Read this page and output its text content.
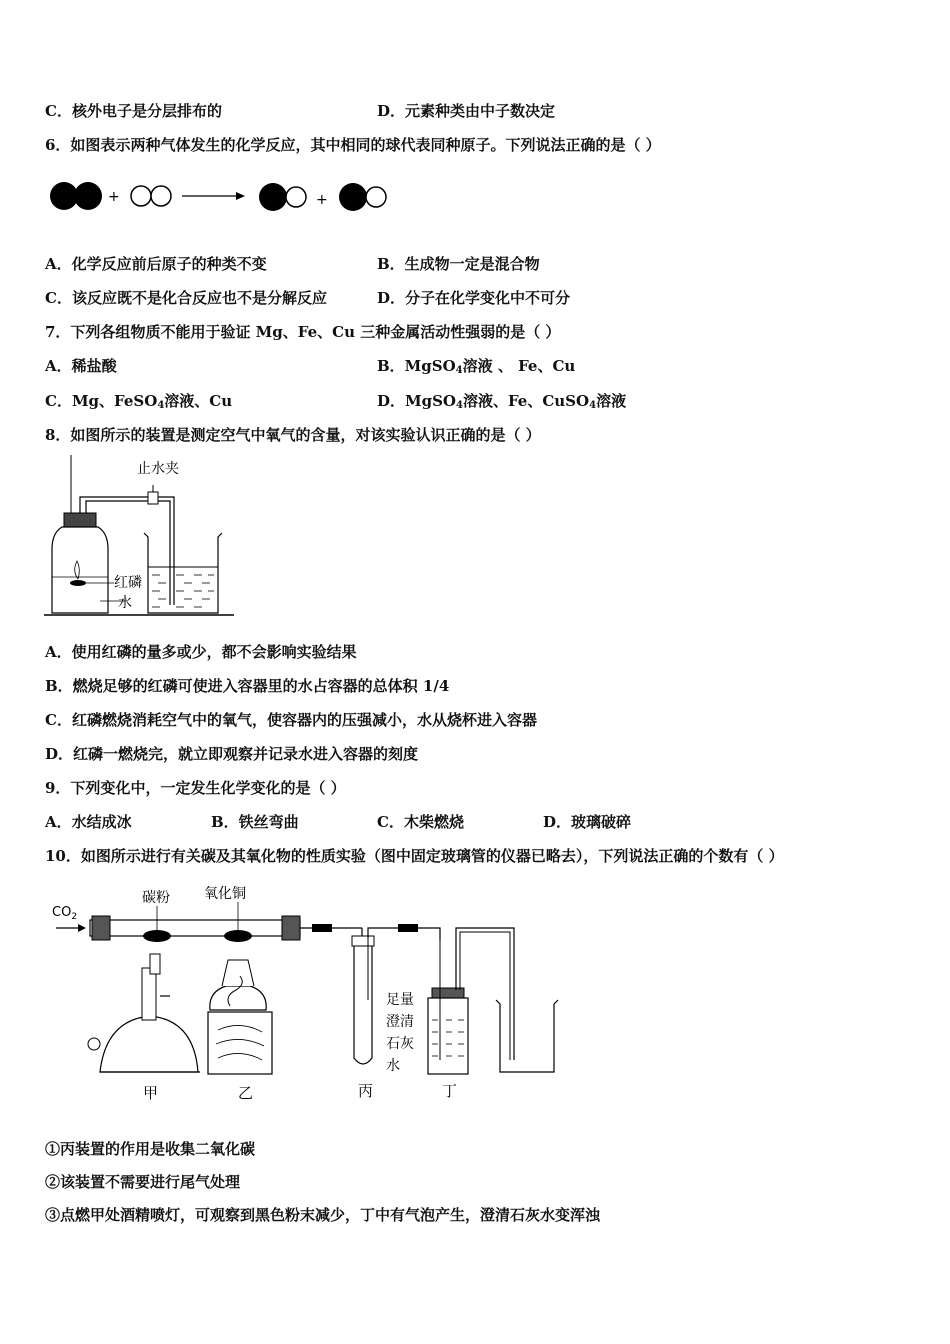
C．核外电子是分层排布的	D．元素种类由中子数决定
6．如图表示两种气体发生的化学反应，其中相同的球代表同种原子。下列说法正确的是（ ）
+	+
A．化学反应前后原子的种类不变	B．生成物一定是混合物
C．该反应既不是化合反应也不是分解反应	D．分子在化学变化中不可分
7．下列各组物质不能用于验证 Mg、Fe、Cu 三种金属活动性强弱的是（ ）
A．稀盐酸	B．MgSO$_4$溶液 、 Fe、Cu
C．Mg、FeSO$_4$溶液、Cu	D．MgSO$_4$溶液、Fe、CuSO$_4$溶液
8．如图所示的装置是测定空气中氧气的含量，对该实验认识正确的是（ ）
止水夹
红磷
水
A．使用红磷的量多或少，都不会影响实验结果
B．燃烧足够的红磷可使进入容器里的水占容器的总体积 1/4
C．红磷燃烧消耗空气中的氧气，使容器内的压强减小，水从烧杯进入容器
D．红磷一燃烧完，就立即观察并记录水进入容器的刻度
9．下列变化中，一定发生化学变化的是（ ）
A．水结成冰	B．铁丝弯曲	C．木柴燃烧	D．玻璃破碎
10．如图所示进行有关碳及其氧化物的性质实验（图中固定玻璃管的仪器已略去），下列说法正确的个数有（ ）
$CO_2$
碳粉 氧化铜
足量
澄清
石灰
水
甲	乙	丙	丁
①丙装置的作用是收集二氧化碳
②该装置不需要进行尾气处理
③点燃甲处酒精喷灯，可观察到黑色粉末减少，丁中有气泡产生，澄清石灰水变浑浊
